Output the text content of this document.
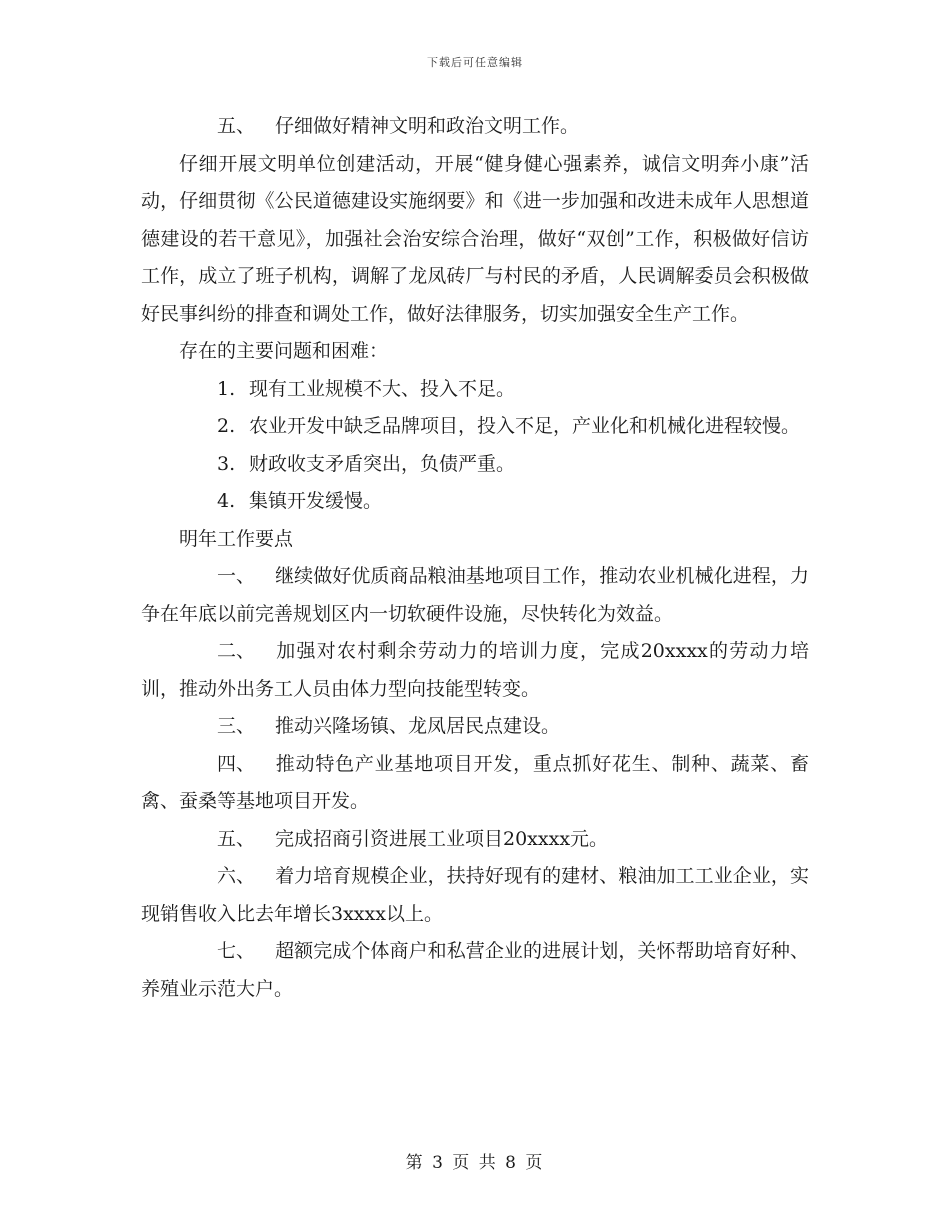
下载后可任意编辑

五、 仔细做好精神文明和政治文明工作。

仔细开展文明单位创建活动，开展“健身健心强素养，诚信文明奔小康”活动，仔细贯彻《公民道德建设实施纲要》和《进一步加强和改进未成年人思想道德建设的若干意见》，加强社会治安综合治理，做好“双创”工作，积极做好信访工作，成立了班子机构，调解了龙凤砖厂与村民的矛盾，人民调解委员会积极做好民事纠纷的排查和调处工作，做好法律服务，切实加强安全生产工作。

存在的主要问题和困难：

1. 现有工业规模不大、投入不足。

2. 农业开发中缺乏品牌项目，投入不足，产业化和机械化进程较慢。

3. 财政收支矛盾突出，负债严重。

4. 集镇开发缓慢。

明年工作要点

一、 继续做好优质商品粮油基地项目工作，推动农业机械化进程，力争在年底以前完善规划区内一切软硬件设施，尽快转化为效益。

二、 加强对农村剩余劳动力的培训力度，完成20xxxx的劳动力培训，推动外出务工人员由体力型向技能型转变。

三、 推动兴隆场镇、龙凤居民点建设。

四、 推动特色产业基地项目开发，重点抓好花生、制种、蔬菜、畜禽、蚕桑等基地项目开发。

五、 完成招商引资进展工业项目20xxxx元。

六、 着力培育规模企业，扶持好现有的建材、粮油加工工业企业，实现销售收入比去年增长3xxxx以上。

七、 超额完成个体商户和私营企业的进展计划，关怀帮助培育好种、养殖业示范大户。

第 3 页 共 8 页
